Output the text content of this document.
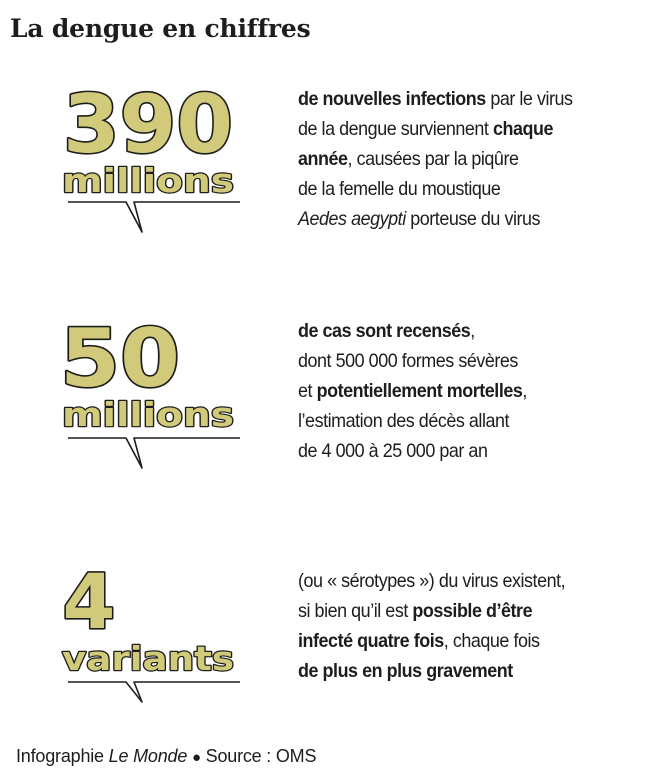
La dengue en chiffres
390
millions
de nouvelles infections par le virus
de la dengue surviennent chaque
année, causées par la piqûre
de la femelle du moustique
Aedes aegypti porteuse du virus
50
millions
de cas sont recensés,
dont 500 000 formes sévères
et potentiellement mortelles,
l’estimation des décès allant
de 4 000 à 25 000 par an
4
variants
(ou « sérotypes ») du virus existent,
si bien qu’il est possible d’être
infecté quatre fois, chaque fois
de plus en plus gravement
Infographie Le Monde ● Source : OMS
